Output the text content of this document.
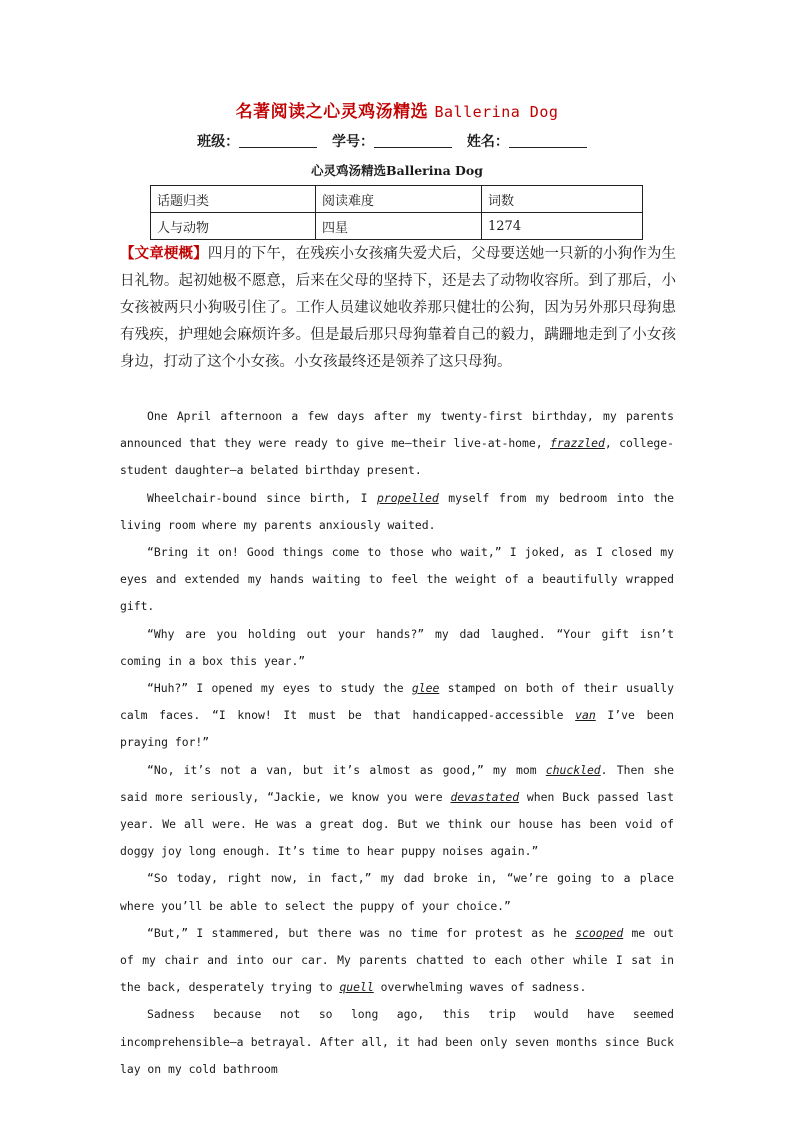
名著阅读之心灵鸡汤精选 Ballerina Dog
班级：	学号：	姓名：
心灵鸡汤精选Ballerina Dog
话题归类	阅读难度	词数
人与动物	四星	1274
【文章梗概】四月的下午，在残疾小女孩痛失爱犬后，父母要送她一只新的小狗作为生日礼物。起初她极不愿意，后来在父母的坚持下，还是去了动物收容所。到了那后，小女孩被两只小狗吸引住了。工作人员建议她收养那只健壮的公狗，因为另外那只母狗患有残疾，护理她会麻烦许多。但是最后那只母狗靠着自己的毅力，蹒跚地走到了小女孩身边，打动了这个小女孩。小女孩最终还是领养了这只母狗。

One April afternoon a few days after my twenty-first birthday, my parents announced that they were ready to give me—their live-at-home, frazzled, college-student daughter—a belated birthday present.

Wheelchair-bound since birth, I propelled myself from my bedroom into the living room where my parents anxiously waited.

“Bring it on! Good things come to those who wait,” I joked, as I closed my eyes and extended my hands waiting to feel the weight of a beautifully wrapped gift.

“Why are you holding out your hands?” my dad laughed. “Your gift isn’t coming in a box this year.”

“Huh?” I opened my eyes to study the glee stamped on both of their usually calm faces. “I know! It must be that handicapped-accessible van I’ve been praying for!”

“No, it’s not a van, but it’s almost as good,” my mom chuckled. Then she said more seriously, “Jackie, we know you were devastated when Buck passed last year. We all were. He was a great dog. But we think our house has been void of doggy joy long enough. It’s time to hear puppy noises again.”

“So today, right now, in fact,” my dad broke in, “we’re going to a place where you’ll be able to select the puppy of your choice.”

“But,” I stammered, but there was no time for protest as he scooped me out of my chair and into our car. My parents chatted to each other while I sat in the back, desperately trying to quell overwhelming waves of sadness.

Sadness because not so long ago, this trip would have seemed incomprehensible—a betrayal. After all, it had been only seven months since Buck lay on my cold bathroom
